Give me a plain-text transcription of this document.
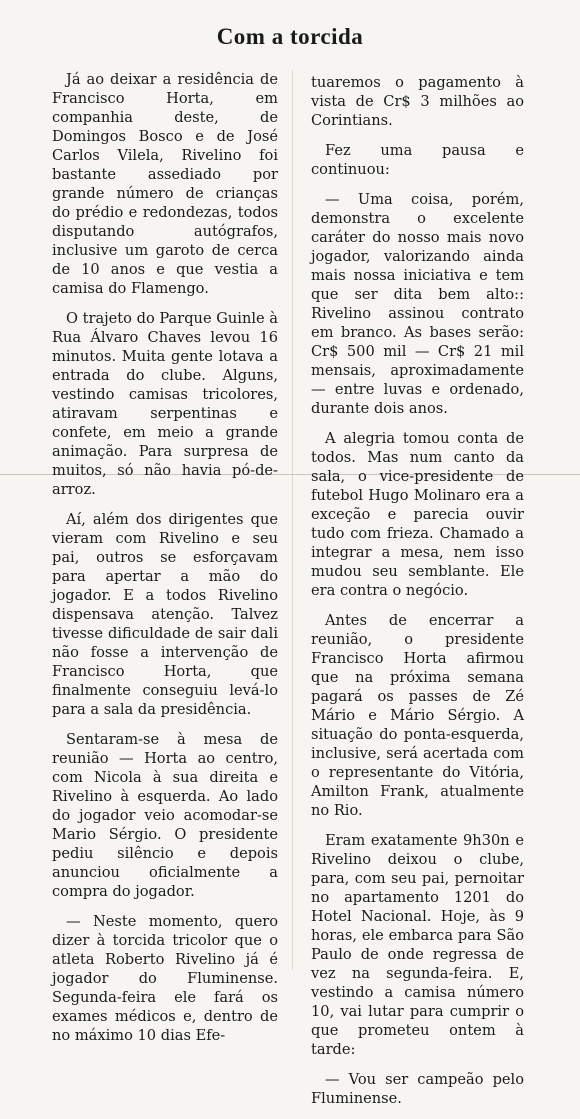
Com a torcida

Já ao deixar a residência de Francisco Horta, em companhia deste, de Domingos Bosco e de José Carlos Vilela, Rivelino foi bastante assediado por grande número de crianças do prédio e redondezas, todos disputando autógrafos, inclusive um garoto de cerca de 10 anos e que vestia a camisa do Flamengo.

O trajeto do Parque Guinle à Rua Álvaro Chaves levou 16 minutos. Muita gente lotava a entrada do clube. Alguns, vestindo camisas tricolores, atiravam serpentinas e confete, em meio a grande animação. Para surpresa de muitos, só não havia pó-de-arroz.

Aí, além dos dirigentes que vieram com Rivelino e seu pai, outros se esforçavam para apertar a mão do jogador. E a todos Rivelino dispensava atenção. Talvez tivesse dificuldade de sair dali não fosse a intervenção de Francisco Horta, que finalmente conseguiu levá-lo para a sala da presidência.

Sentaram-se à mesa de reunião — Horta ao centro, com Nicola à sua direita e Rivelino à esquerda. Ao lado do jogador veio acomodar-se Mario Sérgio. O presidente pediu silêncio e depois anunciou oficialmente a compra do jogador.

— Neste momento, quero dizer à torcida tricolor que o atleta Roberto Rivelino já é jogador do Fluminense. Segunda-feira ele fará os exames médicos e, dentro de no máximo 10 dias Efe-

tuaremos o pagamento à vista de Cr$ 3 milhões ao Corintians.

Fez uma pausa e continuou:

— Uma coisa, porém, demonstra o excelente caráter do nosso mais novo jogador, valorizando ainda mais nossa iniciativa e tem que ser dita bem alto:: Rivelino assinou contrato em branco. As bases serão: Cr$ 500 mil — Cr$ 21 mil mensais, aproximadamente — entre luvas e ordenado, durante dois anos.

A alegria tomou conta de todos. Mas num canto da sala, o vice-presidente de futebol Hugo Molinaro era a exceção e parecia ouvir tudo com frieza. Chamado a integrar a mesa, nem isso mudou seu semblante. Ele era contra o negócio.

Antes de encerrar a reunião, o presidente Francisco Horta afirmou que na próxima semana pagará os passes de Zé Mário e Mário Sérgio. A situação do ponta-esquerda, inclusive, será acertada com o representante do Vitória, Amilton Frank, atualmente no Rio.

Eram exatamente 9h30n e Rivelino deixou o clube, para, com seu pai, pernoitar no apartamento 1201 do Hotel Nacional. Hoje, às 9 horas, ele embarca para São Paulo de onde regressa de vez na segunda-feira. E, vestindo a camisa número 10, vai lutar para cumprir o que prometeu ontem à tarde:

— Vou ser campeão pelo Fluminense.
